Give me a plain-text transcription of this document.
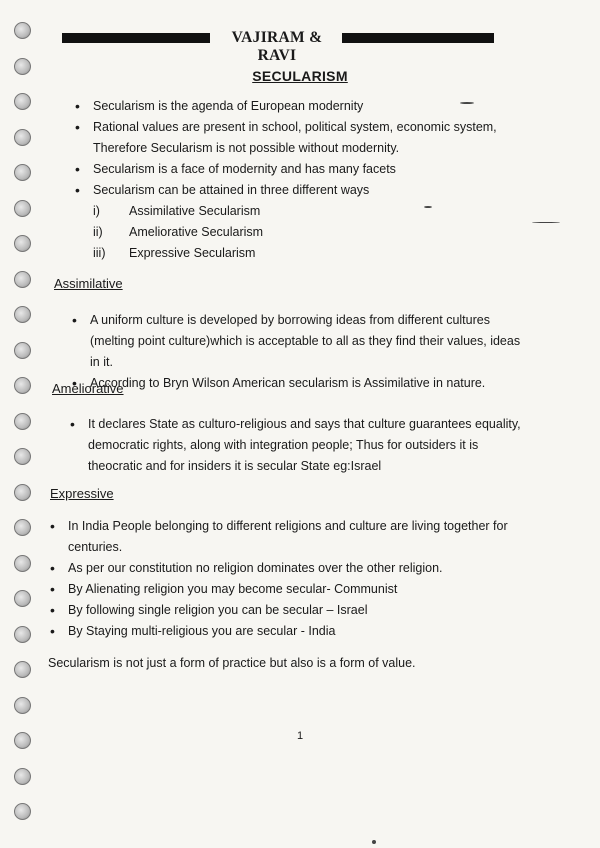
VAJIRAM & RAVI
SECULARISM
• Secularism is the agenda of European modernity
• Rational values are present in school, political system, economic system,
Therefore Secularism is not possible without modernity.
• Secularism is a face of modernity and has many facets
• Secularism can be attained in three different ways
i)	Assimilative Secularism
ii)	Ameliorative Secularism
iii)	Expressive Secularism
Assimilative
• A uniform culture is developed by borrowing ideas from different cultures (melting point culture)which is acceptable to all as they find their values, ideas in it.
• According to Bryn Wilson American secularism is Assimilative in nature.
Ameliorative
• It declares State as culturo-religious and says that culture guarantees equality, democratic rights, along with integration people; Thus for outsiders it is theocratic and for insiders it is secular State eg:Israel
Expressive
• In India People belonging to different religions and culture are living together for centuries.
• As per our constitution no religion dominates over the other religion.
• By Alienating religion you may become secular- Communist
• By following single religion you can be secular – Israel
• By Staying multi-religious you are secular - India
Secularism is not just a form of practice but also is a form of value.
1
